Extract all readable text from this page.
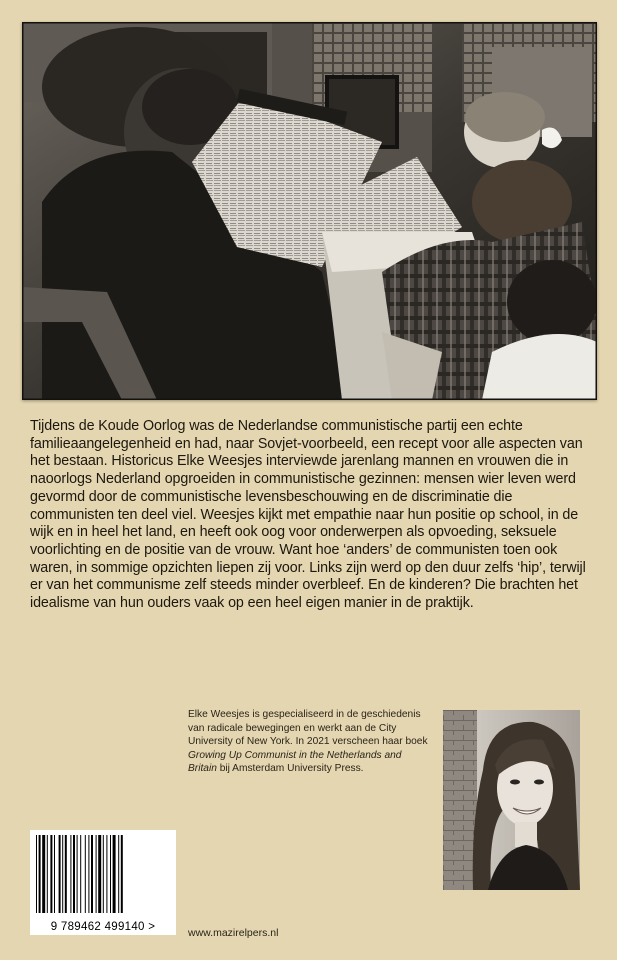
Tijdens de Koude Oorlog was de Nederlandse communistische partij een echte familieaangelegenheid en had, naar Sovjet-voorbeeld, een recept voor alle aspecten van het bestaan. Historicus Elke Weesjes interviewde jarenlang mannen en vrouwen die in naoorlogs Nederland opgroeiden in communistische gezinnen: mensen wier leven werd gevormd door de communistische levensbeschouwing en de discriminatie die communisten ten deel viel. Weesjes kijkt met empathie naar hun positie op school, in de wijk en in heel het land, en heeft ook oog voor onderwerpen als opvoeding, seksuele voorlichting en de positie van de vrouw. Want hoe ‘anders’ de communisten toen ook waren, in sommige opzichten liepen zij voor. Links zijn werd op den duur zelfs ‘hip’, terwijl er van het communisme zelf steeds minder overbleef. En de kinderen? Die brachten het idealisme van hun ouders vaak op een heel eigen manier in de praktijk.

Elke Weesjes is gespecialiseerd in de geschiedenis van radicale bewegingen en werkt aan de City University of New York. In 2021 verscheen haar boek Growing Up Communist in the Netherlands and Britain bij Amsterdam University Press.

9 789462 499140 >	www.mazirelpers.nl
